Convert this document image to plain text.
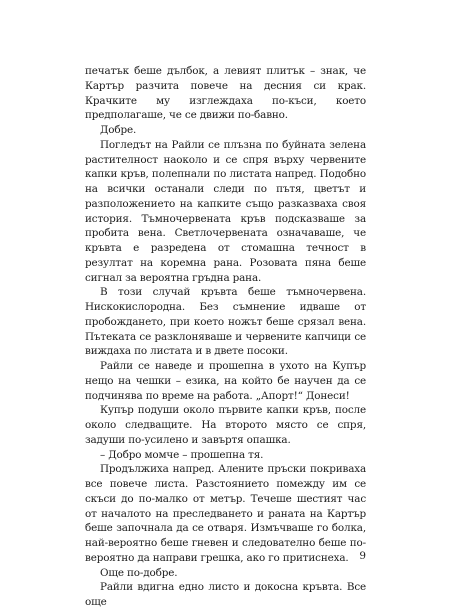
печатък беше дълбок, а левият плитък – знак, че Картър разчита повече на десния си крак. Крачките му изглеждаха по-къси, което предполагаше, че се движи по-бавно.

Добре.

Погледът на Райли се плъзна по буйната зелена растителност наоколо и се спря върху червените капки кръв, полепнали по листата напред. Подобно на всички останали следи по пътя, цветът и разположението на капките също разказваха своя история. Тъмночервената кръв подсказваше за пробита вена. Светлочервената означаваше, че кръвта е разредена от стомашна течност в резултат на коремна рана. Розовата пяна беше сигнал за вероятна гръдна рана.

В този случай кръвта беше тъмночервена. Нискокислородна. Без съмнение идваше от пробождането, при което ножът беше срязал вена. Пътеката се разклоняваше и червените капчици се виждаха по листата и в двете посоки.

Райли се наведе и прошепна в ухото на Купър нещо на чешки – езика, на който бе научен да се подчинява по време на работа. „Апорт!“ Донеси!

Купър подуши около първите капки кръв, после около следващите. На второто място се спря, задуши по-усилено и завъртя опашка.

– Добро момче – прошепна тя.

Продължиха напред. Алените пръски покриваха все повече листа. Разстоянието помежду им се скъси до по-малко от метър. Течеше шестият час от началото на преследването и раната на Картър беше започнала да се отваря. Измъчваше го болка, най-вероятно беше гневен и следователно беше по-вероятно да направи грешка, ако го притиснеха.

Още по-добре.

Райли вдигна едно листо и докосна кръвта. Все още

9
